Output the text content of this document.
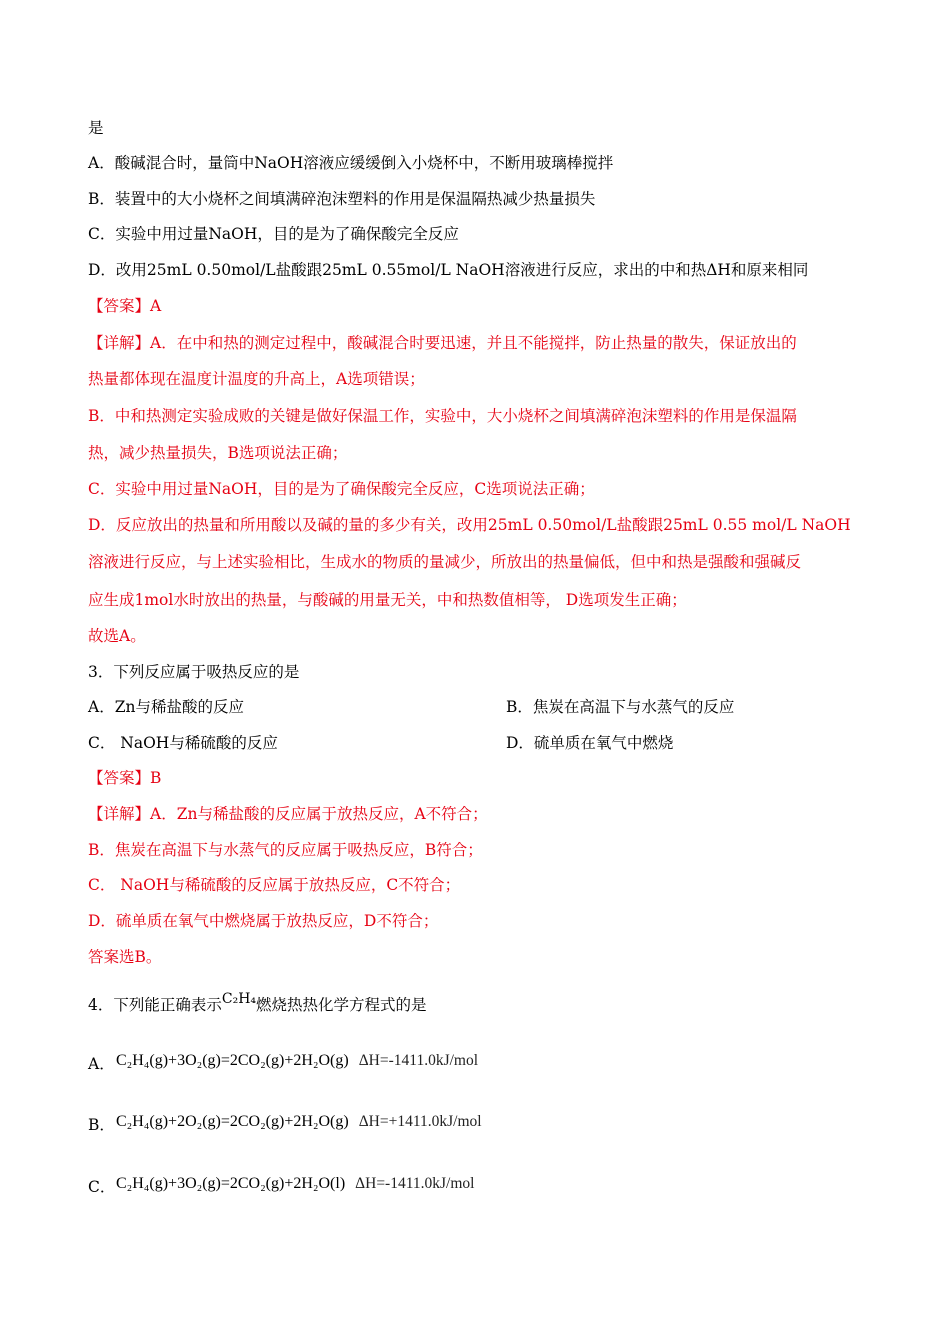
是
A．酸碱混合时，量筒中NaOH溶液应缓缓倒入小烧杯中，不断用玻璃棒搅拌
B．装置中的大小烧杯之间填满碎泡沫塑料的作用是保温隔热减少热量损失
C．实验中用过量NaOH，目的是为了确保酸完全反应
D．改用25mL 0.50mol/L盐酸跟25mL 0.55mol/L NaOH溶液进行反应，求出的中和热ΔH和原来相同
【答案】A
【详解】A．在中和热的测定过程中，酸碱混合时要迅速，并且不能搅拌，防止热量的散失，保证放出的
热量都体现在温度计温度的升高上，A选项错误；
B．中和热测定实验成败的关键是做好保温工作，实验中，大小烧杯之间填满碎泡沫塑料的作用是保温隔
热，减少热量损失，B选项说法正确；
C．实验中用过量NaOH，目的是为了确保酸完全反应，C选项说法正确；
D．反应放出的热量和所用酸以及碱的量的多少有关，改用25mL 0.50mol/L盐酸跟25mL 0.55 mol/L NaOH
溶液进行反应，与上述实验相比，生成水的物质的量减少，所放出的热量偏低，但中和热是强酸和强碱反
应生成1mol水时放出的热量，与酸碱的用量无关，中和热数值相等， D选项发生正确；
故选A。
3．下列反应属于吸热反应的是
A．Zn与稀盐酸的反应	B．焦炭在高温下与水蒸气的反应
C． NaOH与稀硫酸的反应	D．硫单质在氧气中燃烧
【答案】B
【详解】A．Zn与稀盐酸的反应属于放热反应，A不符合；
B．焦炭在高温下与水蒸气的反应属于吸热反应，B符合；
C． NaOH与稀硫酸的反应属于放热反应，C不符合；
D．硫单质在氧气中燃烧属于放热反应，D不符合；
答案选B。
4．下列能正确表示C₂H₄燃烧热热化学方程式的是
A．C₂H₄(g)+3O₂(g)=2CO₂(g)+2H₂O(g) ΔH=-1411.0kJ/mol
B．C₂H₄(g)+2O₂(g)=2CO₂(g)+2H₂O(g) ΔH=+1411.0kJ/mol
C．C₂H₄(g)+3O₂(g)=2CO₂(g)+2H₂O(l) ΔH=-1411.0kJ/mol
